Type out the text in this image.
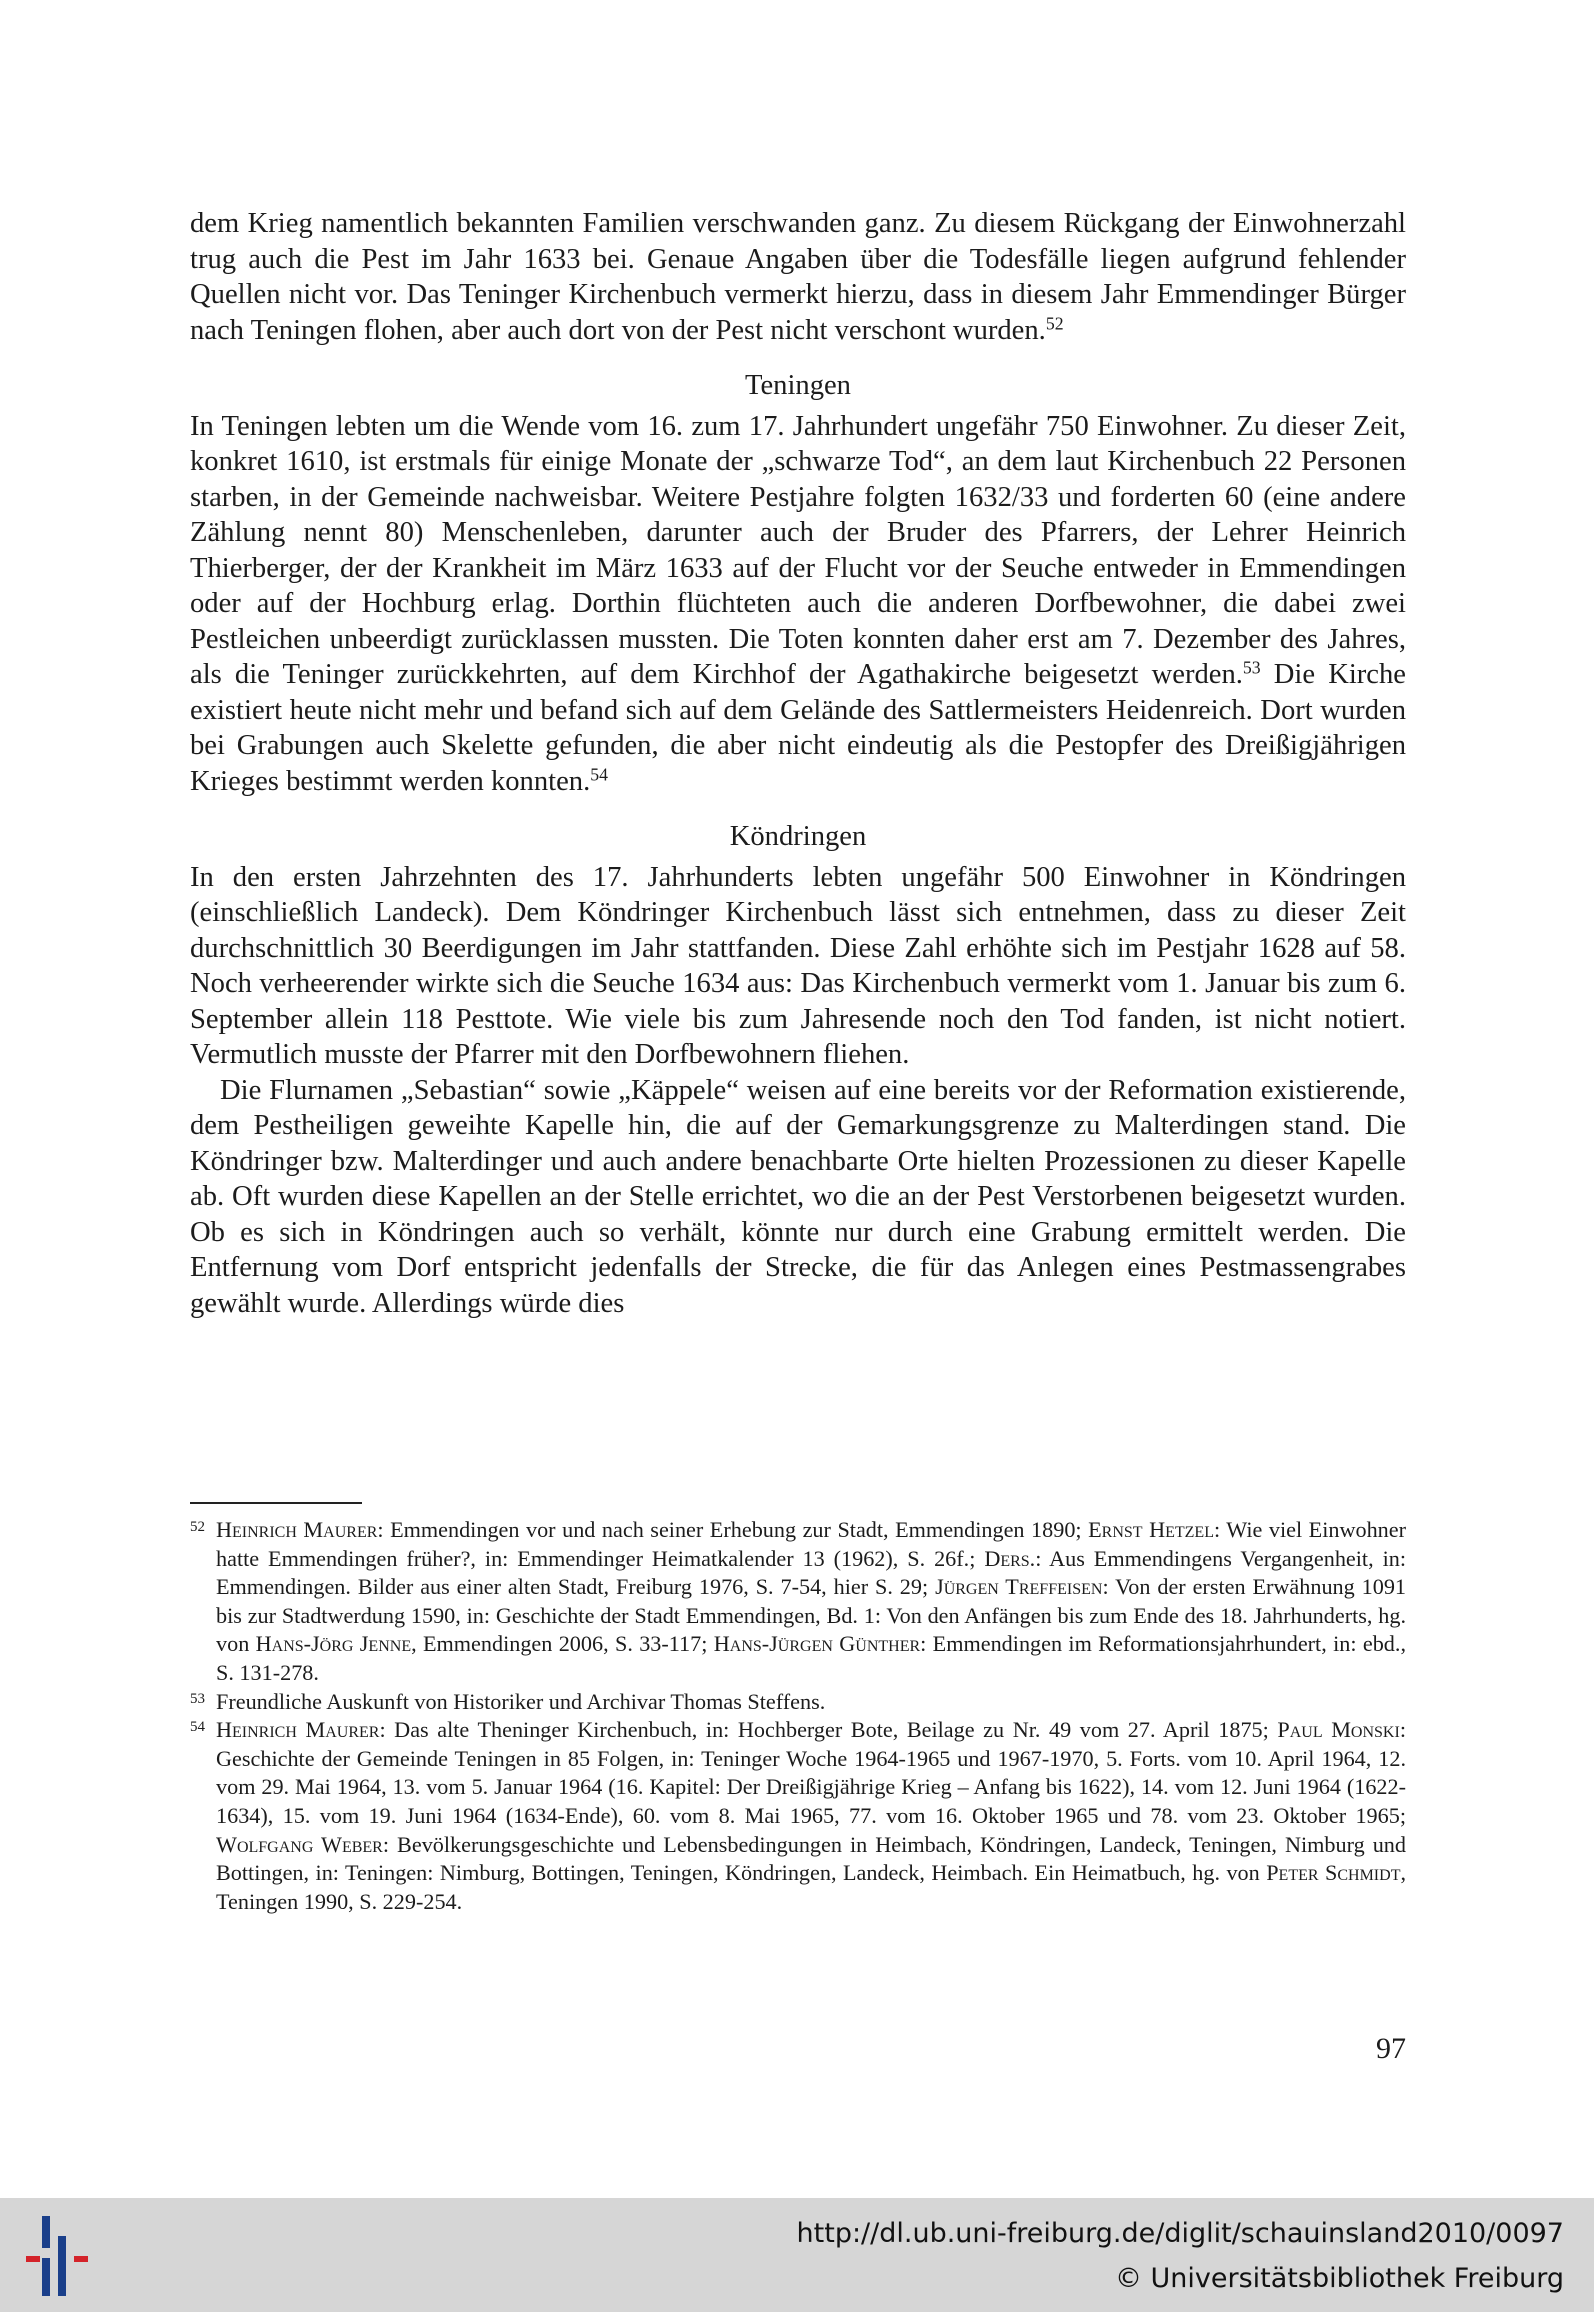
dem Krieg namentlich bekannten Familien verschwanden ganz. Zu diesem Rückgang der Einwohnerzahl trug auch die Pest im Jahr 1633 bei. Genaue Angaben über die Todesfälle liegen aufgrund fehlender Quellen nicht vor. Das Teninger Kirchenbuch vermerkt hierzu, dass in diesem Jahr Emmendinger Bürger nach Teningen flohen, aber auch dort von der Pest nicht verschont wurden.$^{52}$

Teningen

In Teningen lebten um die Wende vom 16. zum 17. Jahrhundert ungefähr 750 Einwohner. Zu dieser Zeit, konkret 1610, ist erstmals für einige Monate der „schwarze Tod“, an dem laut Kirchenbuch 22 Personen starben, in der Gemeinde nachweisbar. Weitere Pestjahre folgten 1632/33 und forderten 60 (eine andere Zählung nennt 80) Menschenleben, darunter auch der Bruder des Pfarrers, der Lehrer Heinrich Thierberger, der der Krankheit im März 1633 auf der Flucht vor der Seuche entweder in Emmendingen oder auf der Hochburg erlag. Dorthin flüchteten auch die anderen Dorfbewohner, die dabei zwei Pestleichen unbeerdigt zurücklassen mussten. Die Toten konnten daher erst am 7. Dezember des Jahres, als die Teninger zurückkehrten, auf dem Kirchhof der Agathakirche beigesetzt werden.$^{53}$ Die Kirche existiert heute nicht mehr und befand sich auf dem Gelände des Sattlermeisters Heidenreich. Dort wurden bei Grabungen auch Skelette gefunden, die aber nicht eindeutig als die Pestopfer des Dreißigjährigen Krieges bestimmt werden konnten.$^{54}$

Köndringen

In den ersten Jahrzehnten des 17. Jahrhunderts lebten ungefähr 500 Einwohner in Köndringen (einschließlich Landeck). Dem Köndringer Kirchenbuch lässt sich entnehmen, dass zu dieser Zeit durchschnittlich 30 Beerdigungen im Jahr stattfanden. Diese Zahl erhöhte sich im Pestjahr 1628 auf 58. Noch verheerender wirkte sich die Seuche 1634 aus: Das Kirchenbuch vermerkt vom 1. Januar bis zum 6. September allein 118 Pesttote. Wie viele bis zum Jahresende noch den Tod fanden, ist nicht notiert. Vermutlich musste der Pfarrer mit den Dorfbewohnern fliehen.

Die Flurnamen „Sebastian“ sowie „Käppele“ weisen auf eine bereits vor der Reformation existierende, dem Pestheiligen geweihte Kapelle hin, die auf der Gemarkungsgrenze zu Malterdingen stand. Die Köndringer bzw. Malterdinger und auch andere benachbarte Orte hielten Prozessionen zu dieser Kapelle ab. Oft wurden diese Kapellen an der Stelle errichtet, wo die an der Pest Verstorbenen beigesetzt wurden. Ob es sich in Köndringen auch so verhält, könnte nur durch eine Grabung ermittelt werden. Die Entfernung vom Dorf entspricht jedenfalls der Strecke, die für das Anlegen eines Pestmassengrabes gewählt wurde. Allerdings würde dies

52 Heinrich Maurer: Emmendingen vor und nach seiner Erhebung zur Stadt, Emmendingen 1890; Ernst Hetzel: Wie viel Einwohner hatte Emmendingen früher?, in: Emmendinger Heimatkalender 13 (1962), S. 26f.; Ders.: Aus Emmendingens Vergangenheit, in: Emmendingen. Bilder aus einer alten Stadt, Freiburg 1976, S. 7-54, hier S. 29; Jürgen Treffeisen: Von der ersten Erwähnung 1091 bis zur Stadtwerdung 1590, in: Geschichte der Stadt Emmendingen, Bd. 1: Von den Anfängen bis zum Ende des 18. Jahrhunderts, hg. von Hans-Jörg Jenne, Emmendingen 2006, S. 33-117; Hans-Jürgen Günther: Emmendingen im Reformationsjahrhundert, in: ebd., S. 131-278.
53 Freundliche Auskunft von Historiker und Archivar Thomas Steffens.
54 Heinrich Maurer: Das alte Theninger Kirchenbuch, in: Hochberger Bote, Beilage zu Nr. 49 vom 27. April 1875; Paul Monski: Geschichte der Gemeinde Teningen in 85 Folgen, in: Teninger Woche 1964-1965 und 1967-1970, 5. Forts. vom 10. April 1964, 12. vom 29. Mai 1964, 13. vom 5. Januar 1964 (16. Kapitel: Der Dreißigjährige Krieg – Anfang bis 1622), 14. vom 12. Juni 1964 (1622-1634), 15. vom 19. Juni 1964 (1634-Ende), 60. vom 8. Mai 1965, 77. vom 16. Oktober 1965 und 78. vom 23. Oktober 1965; Wolfgang Weber: Bevölkerungsgeschichte und Lebensbedingungen in Heimbach, Köndringen, Landeck, Teningen, Nimburg und Bottingen, in: Teningen: Nimburg, Bottingen, Teningen, Köndringen, Landeck, Heimbach. Ein Heimatbuch, hg. von Peter Schmidt, Teningen 1990, S. 229-254.
97
http://dl.ub.uni-freiburg.de/diglit/schauinsland2010/0097
© Universitätsbibliothek Freiburg
